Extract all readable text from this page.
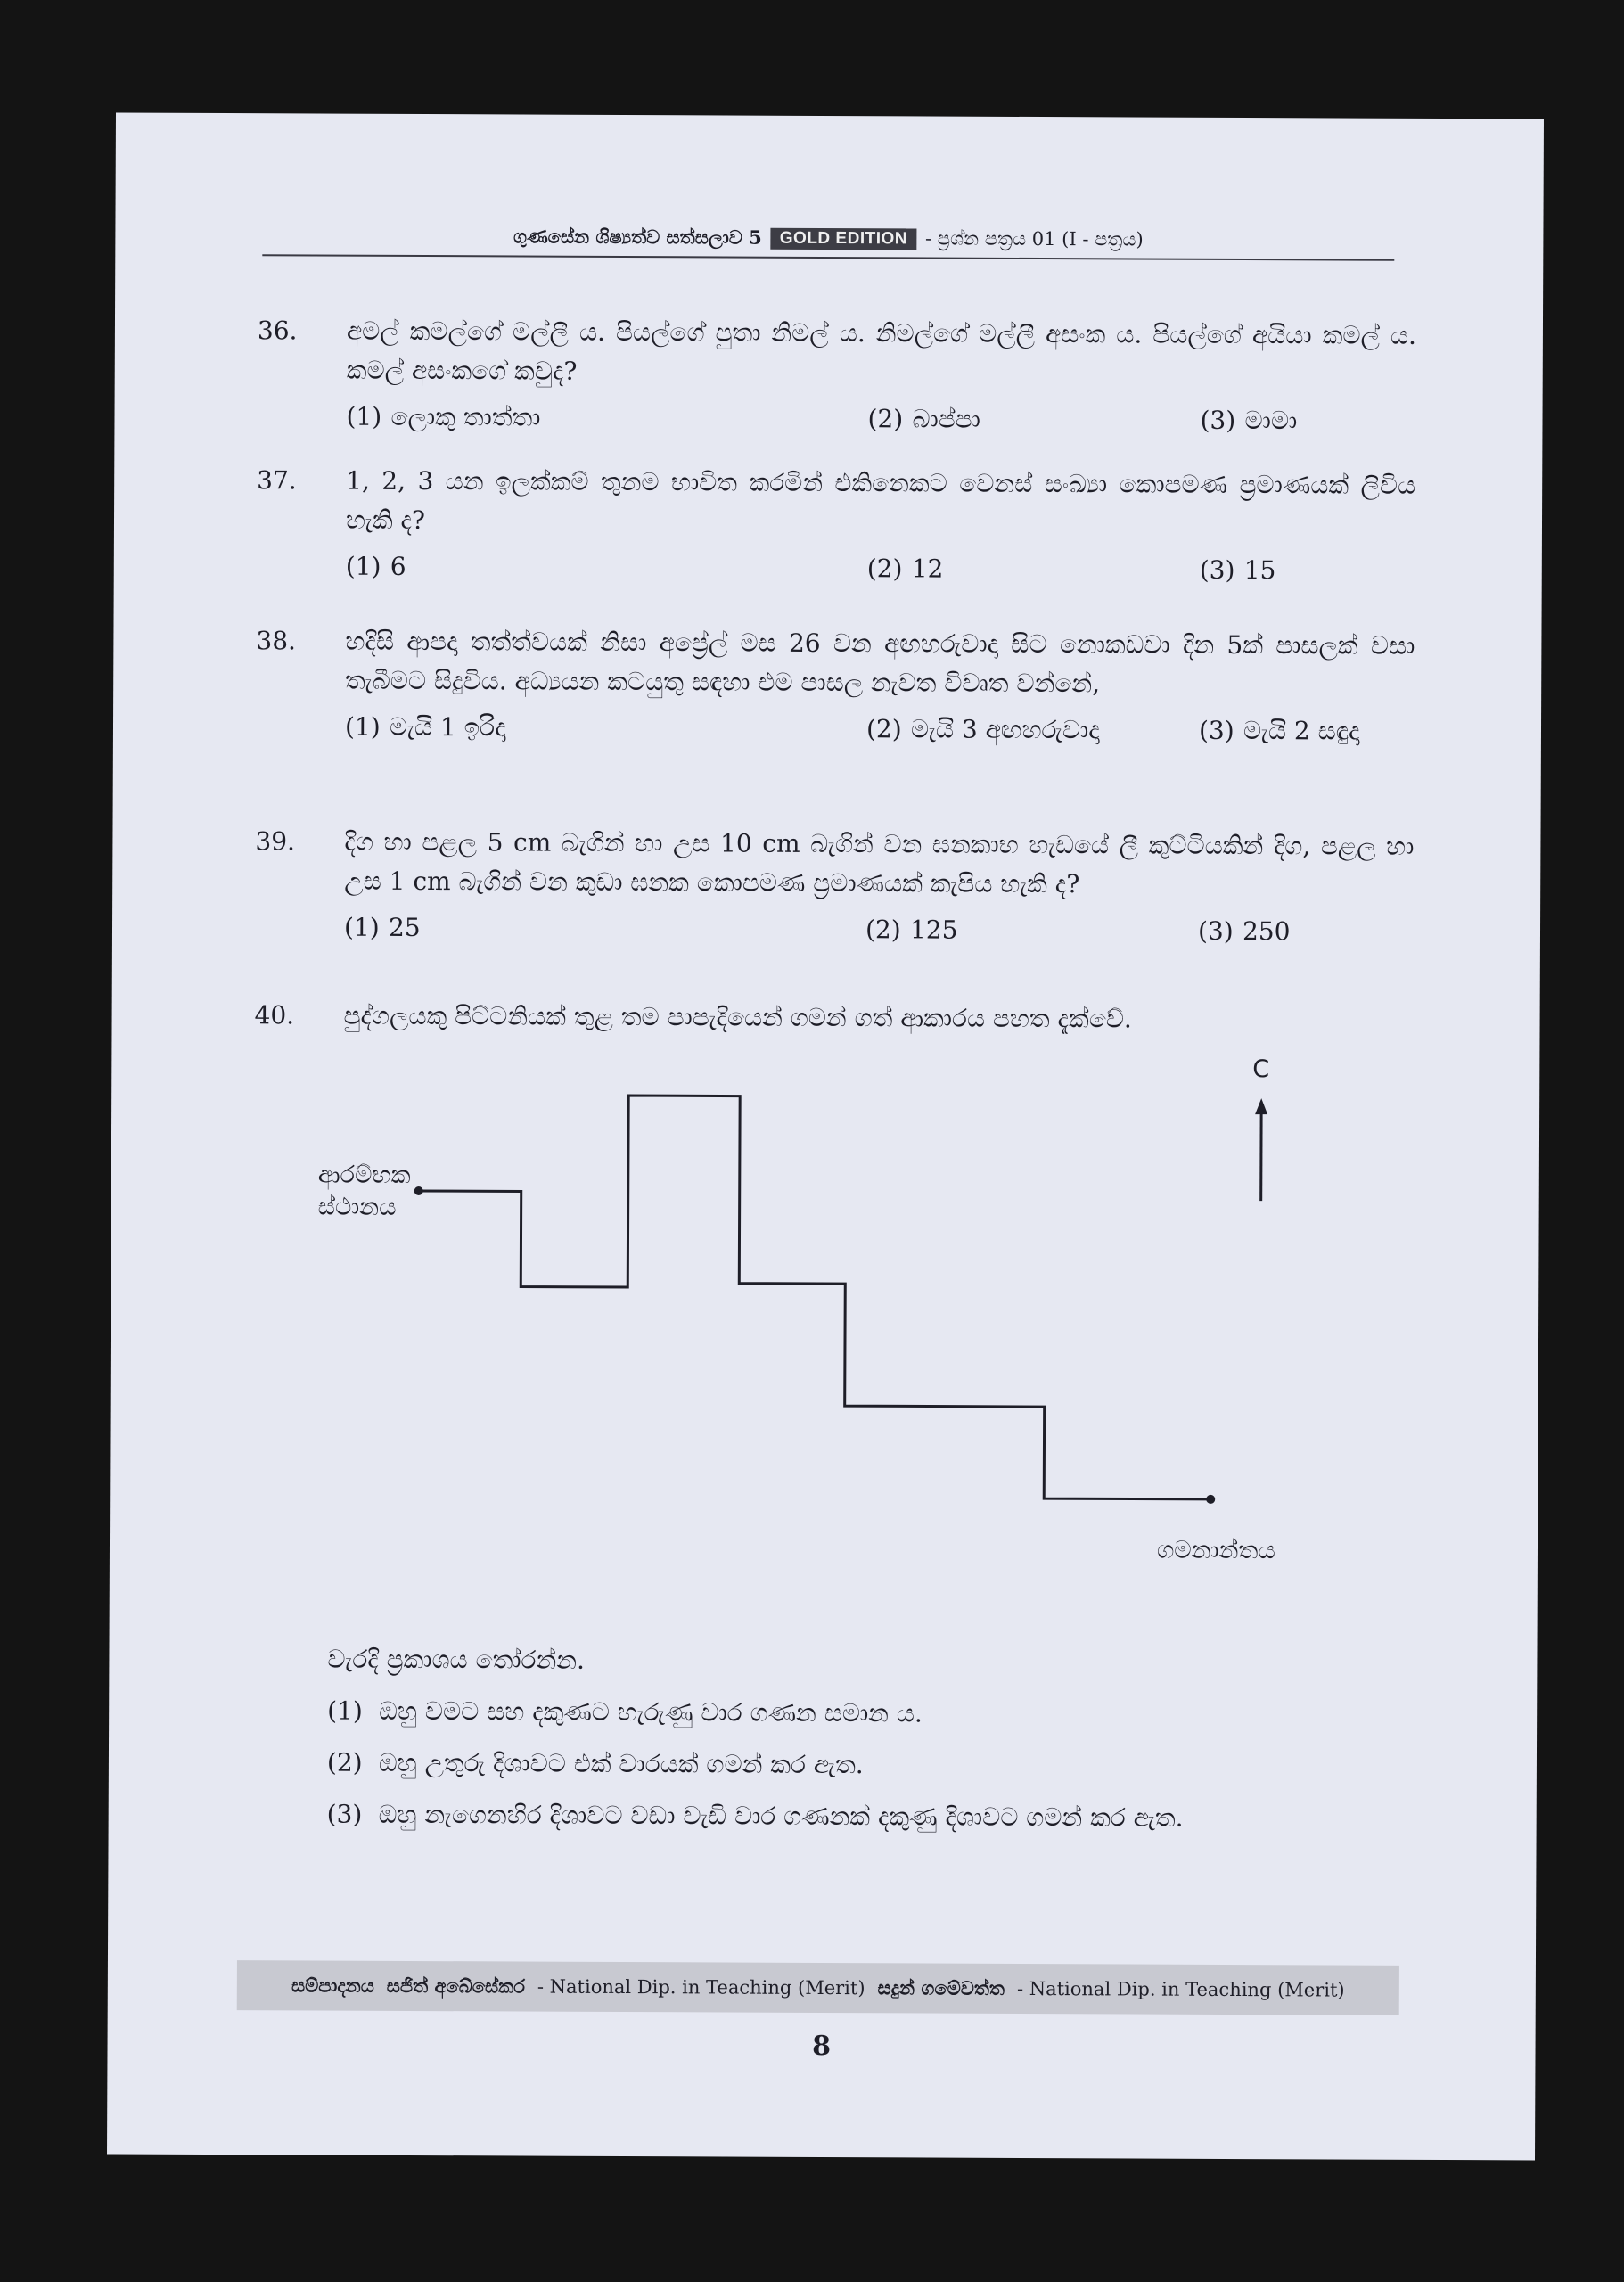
ගුණසේන ශිෂ්‍යත්ව සත්සලාව 5	GOLD EDITION - ප්‍රශ්න පත්‍රය 01 (I - පත්‍රය)
36.	අමල් කමල්ගේ මල්ලී ය. පියල්ගේ පුතා නිමල් ය. නිමල්ගේ මල්ලී අසංක ය. පියල්ගේ අයියා කමල් ය. කමල් අසංකගේ කවුද?
(1) ලොකු තාත්තා	(2) බාප්පා	(3) මාමා
37.	1, 2, 3 යන ඉලක්කම් තුනම භාවිත කරමින් එකිනෙකට වෙනස් සංඛ්‍යා කොපමණ ප්‍රමාණයක් ලිවිය හැකි ද?
(1) 6	(2) 12	(3) 15
38.	හදිසි ආපදා තත්ත්වයක් නිසා අප්‍රේල් මස 26 වන අඟහරුවාදා සිට නොකඩවා දින 5ක් පාසලක් වසා තැබීමට සිදුවිය. අධ්‍යයන කටයුතු සඳහා එම පාසල නැවත විවෘත වන්නේ,
(1) මැයි 1 ඉරිදා	(2) මැයි 3 අඟහරුවාදා	(3) මැයි 2 සඳුදා
39.	දිග හා පළල 5 cm බැගින් හා උස 10 cm බැගින් වන ඝනකාභ හැඩයේ ලී කුට්ටියකින් දිග, පළල හා උස 1 cm බැගින් වන කුඩා ඝනක කොපමණ ප්‍රමාණයක් කැපිය හැකි ද?
(1) 25	(2) 125	(3) 250
40.	පුද්ගලයකු පිට්ටනියක් තුළ තම පාපැදියෙන් ගමන් ගත් ආකාරය පහත දැක්වේ.
ආරම්භක
ස්ථානය
ගමනාන්තය
C
වැරදි ප්‍රකාශය තෝරන්න.
(1) ඔහු වමට සහ දකුණට හැරුණු වාර ගණන සමාන ය.
(2) ඔහු උතුරු දිශාවට එක් වාරයක් ගමන් කර ඇත.
(3) ඔහු නැගෙනහිර දිශාවට වඩා වැඩි වාර ගණනක් දකුණු දිශාවට ගමන් කර ඇත.
සම්පාදනය සජිත් අබේසේකර - National Dip. in Teaching (Merit) සදුන් ගමේවත්ත - National Dip. in Teaching (Merit)
8
